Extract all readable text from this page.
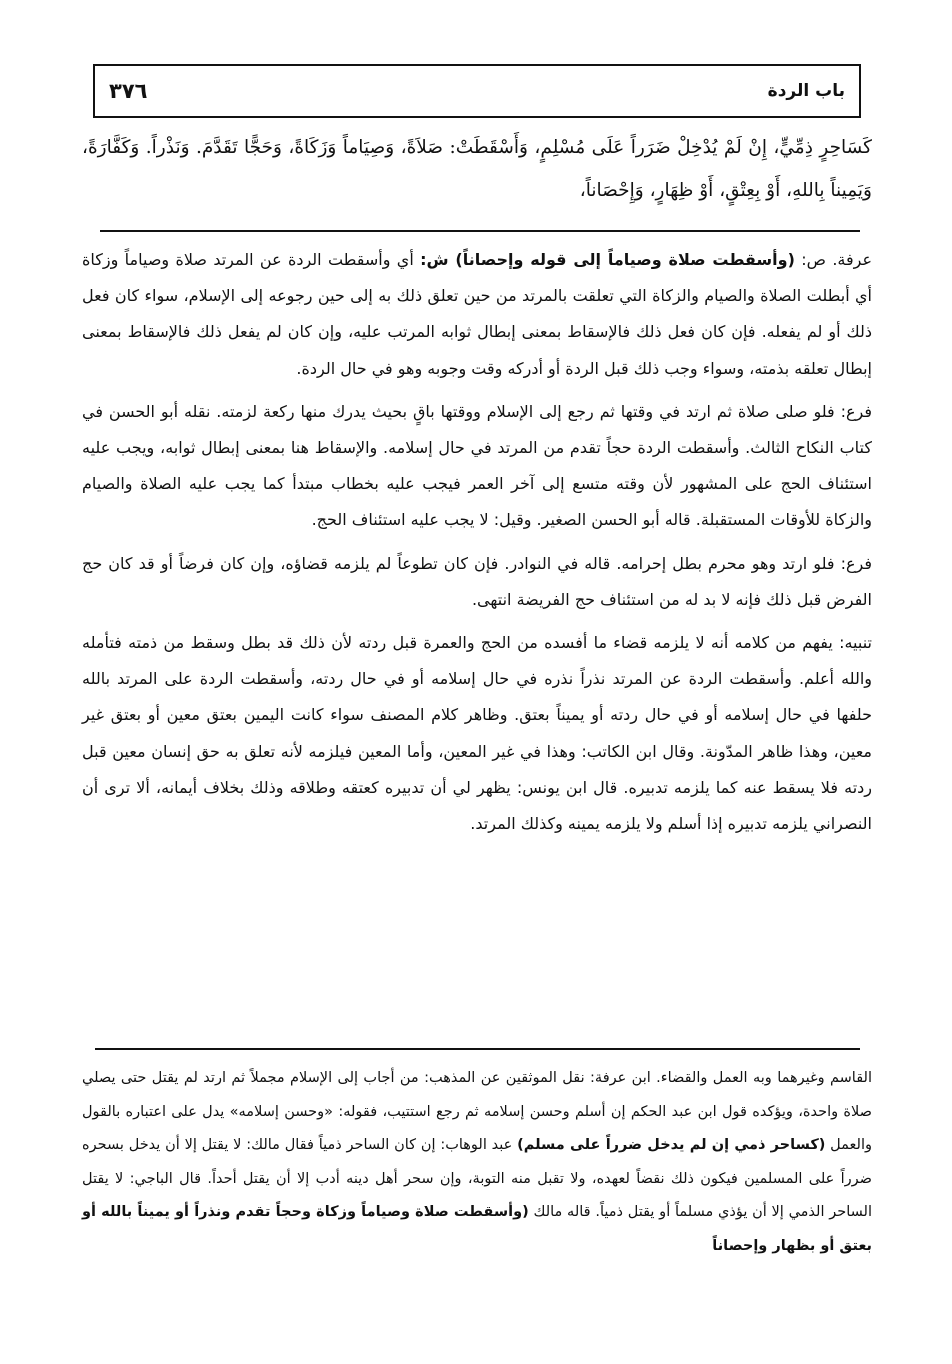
٣٧٦	باب الردة
كَسَاحِرٍ ذِمِّيٍّ، إِنْ لَمْ يُدْخِلْ ضَرَراً عَلَى مُسْلِمٍ، وَأَسْقَطَتْ: صَلاَةً، وَصِيَاماً وَزَكَاةً، وَحَجًّا تَقَدَّمَ. وَنَذْراً. وَكَفَّارَةً، وَيَمِيناً بِاللهِ، أَوْ بِعِتْقٍ، أَوْ ظِهَارٍ، وَإِحْصَاناً،

عرفة. ص: (وأسقطت صلاة وصياماً إلى قوله وإحصاناً) ش: أي وأسقطت الردة عن المرتد صلاة وصياماً وزكاة أي أبطلت الصلاة والصيام والزكاة التي تعلقت بالمرتد من حين تعلق ذلك به إلى حين رجوعه إلى الإسلام، سواء كان فعل ذلك أو لم يفعله. فإن كان فعل ذلك فالإسقاط بمعنى إبطال ثوابه المرتب عليه، وإن كان لم يفعل ذلك فالإسقاط بمعنى إبطال تعلقه بذمته، وسواء وجب ذلك قبل الردة أو أدركه وقت وجوبه وهو في حال الردة.

فرع: فلو صلى صلاة ثم ارتد في وقتها ثم رجع إلى الإسلام ووقتها باقٍ بحيث يدرك منها ركعة لزمته. نقله أبو الحسن في كتاب النكاح الثالث. وأسقطت الردة حجاً تقدم من المرتد في حال إسلامه. والإسقاط هنا بمعنى إبطال ثوابه، ويجب عليه استئناف الحج على المشهور لأن وقته متسع إلى آخر العمر فيجب عليه بخطاب مبتدأ كما يجب عليه الصلاة والصيام والزكاة للأوقات المستقبلة. قاله أبو الحسن الصغير. وقيل: لا يجب عليه استئناف الحج.

فرع: فلو ارتد وهو محرم بطل إحرامه. قاله في النوادر. فإن كان تطوعاً لم يلزمه قضاؤه، وإن كان فرضاً أو قد كان حج الفرض قبل ذلك فإنه لا بد له من استئناف حج الفريضة انتهى.

تنبيه: يفهم من كلامه أنه لا يلزمه قضاء ما أفسده من الحج والعمرة قبل ردته لأن ذلك قد بطل وسقط من ذمته فتأمله والله أعلم. وأسقطت الردة عن المرتد نذراً نذره في حال إسلامه أو في حال ردته، وأسقطت الردة على المرتد بالله حلفها في حال إسلامه أو في حال ردته أو يميناً بعتق. وظاهر كلام المصنف سواء كانت اليمين بعتق معين أو بعتق غير معين، وهذا ظاهر المدّونة. وقال ابن الكاتب: وهذا في غير المعين، وأما المعين فيلزمه لأنه تعلق به حق إنسان معين قبل ردته فلا يسقط عنه كما يلزمه تدبيره. قال ابن يونس: يظهر لي أن تدبيره كعتقه وطلاقه وذلك بخلاف أيمانه، ألا ترى أن النصراني يلزمه تدبيره إذا أسلم ولا يلزمه يمينه وكذلك المرتد.

القاسم وغيرهما وبه العمل والقضاء. ابن عرفة: نقل الموثقين عن المذهب: من أجاب إلى الإسلام مجملاً ثم ارتد لم يقتل حتى يصلي صلاة واحدة، ويؤكده قول ابن عبد الحكم إن أسلم وحسن إسلامه ثم رجع استتيب، فقوله: «وحسن إسلامه» يدل على اعتباره بالقول والعمل (كساحر ذمي إن لم يدخل ضرراً على مسلم) عبد الوهاب: إن كان الساحر ذمياً فقال مالك: لا يقتل إلا أن يدخل بسحره ضرراً على المسلمين فيكون ذلك نقضاً لعهده، ولا تقبل منه التوبة، وإن سحر أهل دينه أدب إلا أن يقتل أحداً. قال الباجي: لا يقتل الساحر الذمي إلا أن يؤذي مسلماً أو يقتل ذمياً. قاله مالك (وأسقطت صلاة وصياماً وزكاة وحجاً تقدم ونذراً أو يميناً بالله أو بعتق أو بظهار وإحصاناً
